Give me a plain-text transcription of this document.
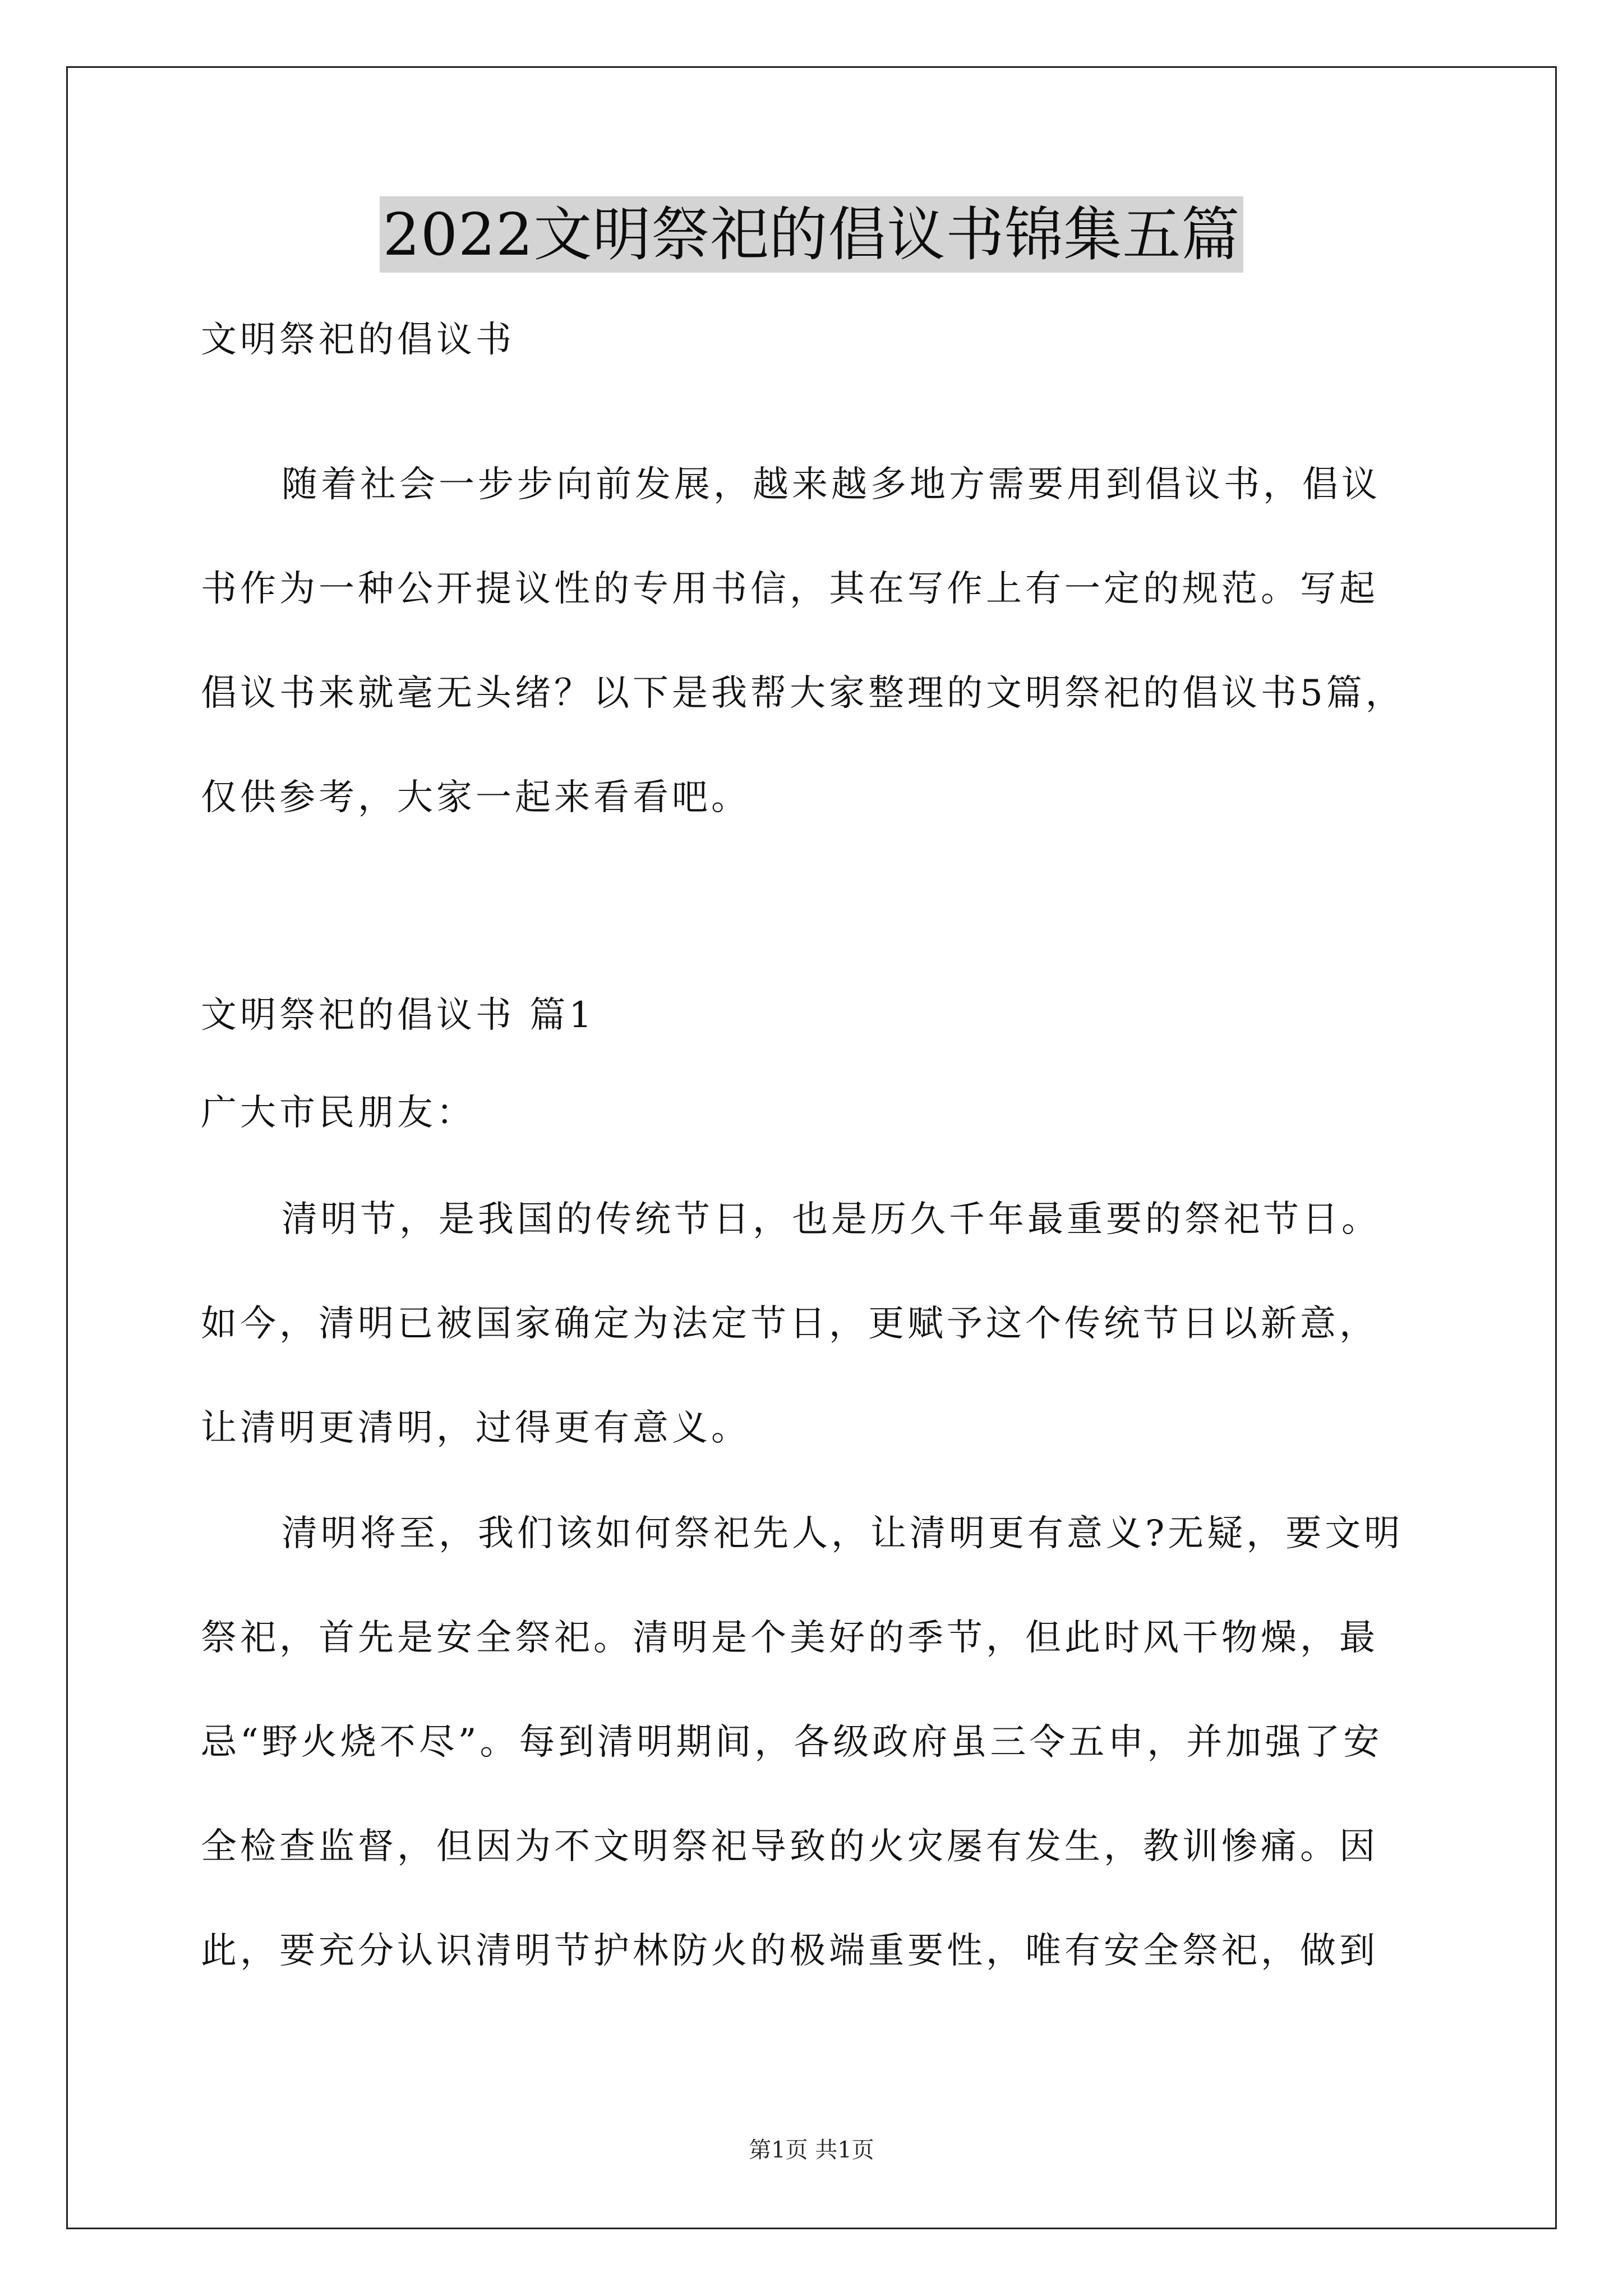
2022文明祭祀的倡议书锦集五篇
文明祭祀的倡议书
随着社会一步步向前发展，越来越多地方需要用到倡议书，倡议
书作为一种公开提议性的专用书信，其在写作上有一定的规范。写起
倡议书来就毫无头绪？以下是我帮大家整理的文明祭祀的倡议书5篇，
仅供参考，大家一起来看看吧。
文明祭祀的倡议书 篇1
广大市民朋友：
清明节，是我国的传统节日，也是历久千年最重要的祭祀节日。
如今，清明已被国家确定为法定节日，更赋予这个传统节日以新意，
让清明更清明，过得更有意义。
清明将至，我们该如何祭祀先人，让清明更有意义?无疑，要文明
祭祀，首先是安全祭祀。清明是个美好的季节，但此时风干物燥，最
忌“野火烧不尽”。每到清明期间，各级政府虽三令五申，并加强了安
全检查监督，但因为不文明祭祀导致的火灾屡有发生，教训惨痛。因
此，要充分认识清明节护林防火的极端重要性，唯有安全祭祀，做到
第1页 共1页
